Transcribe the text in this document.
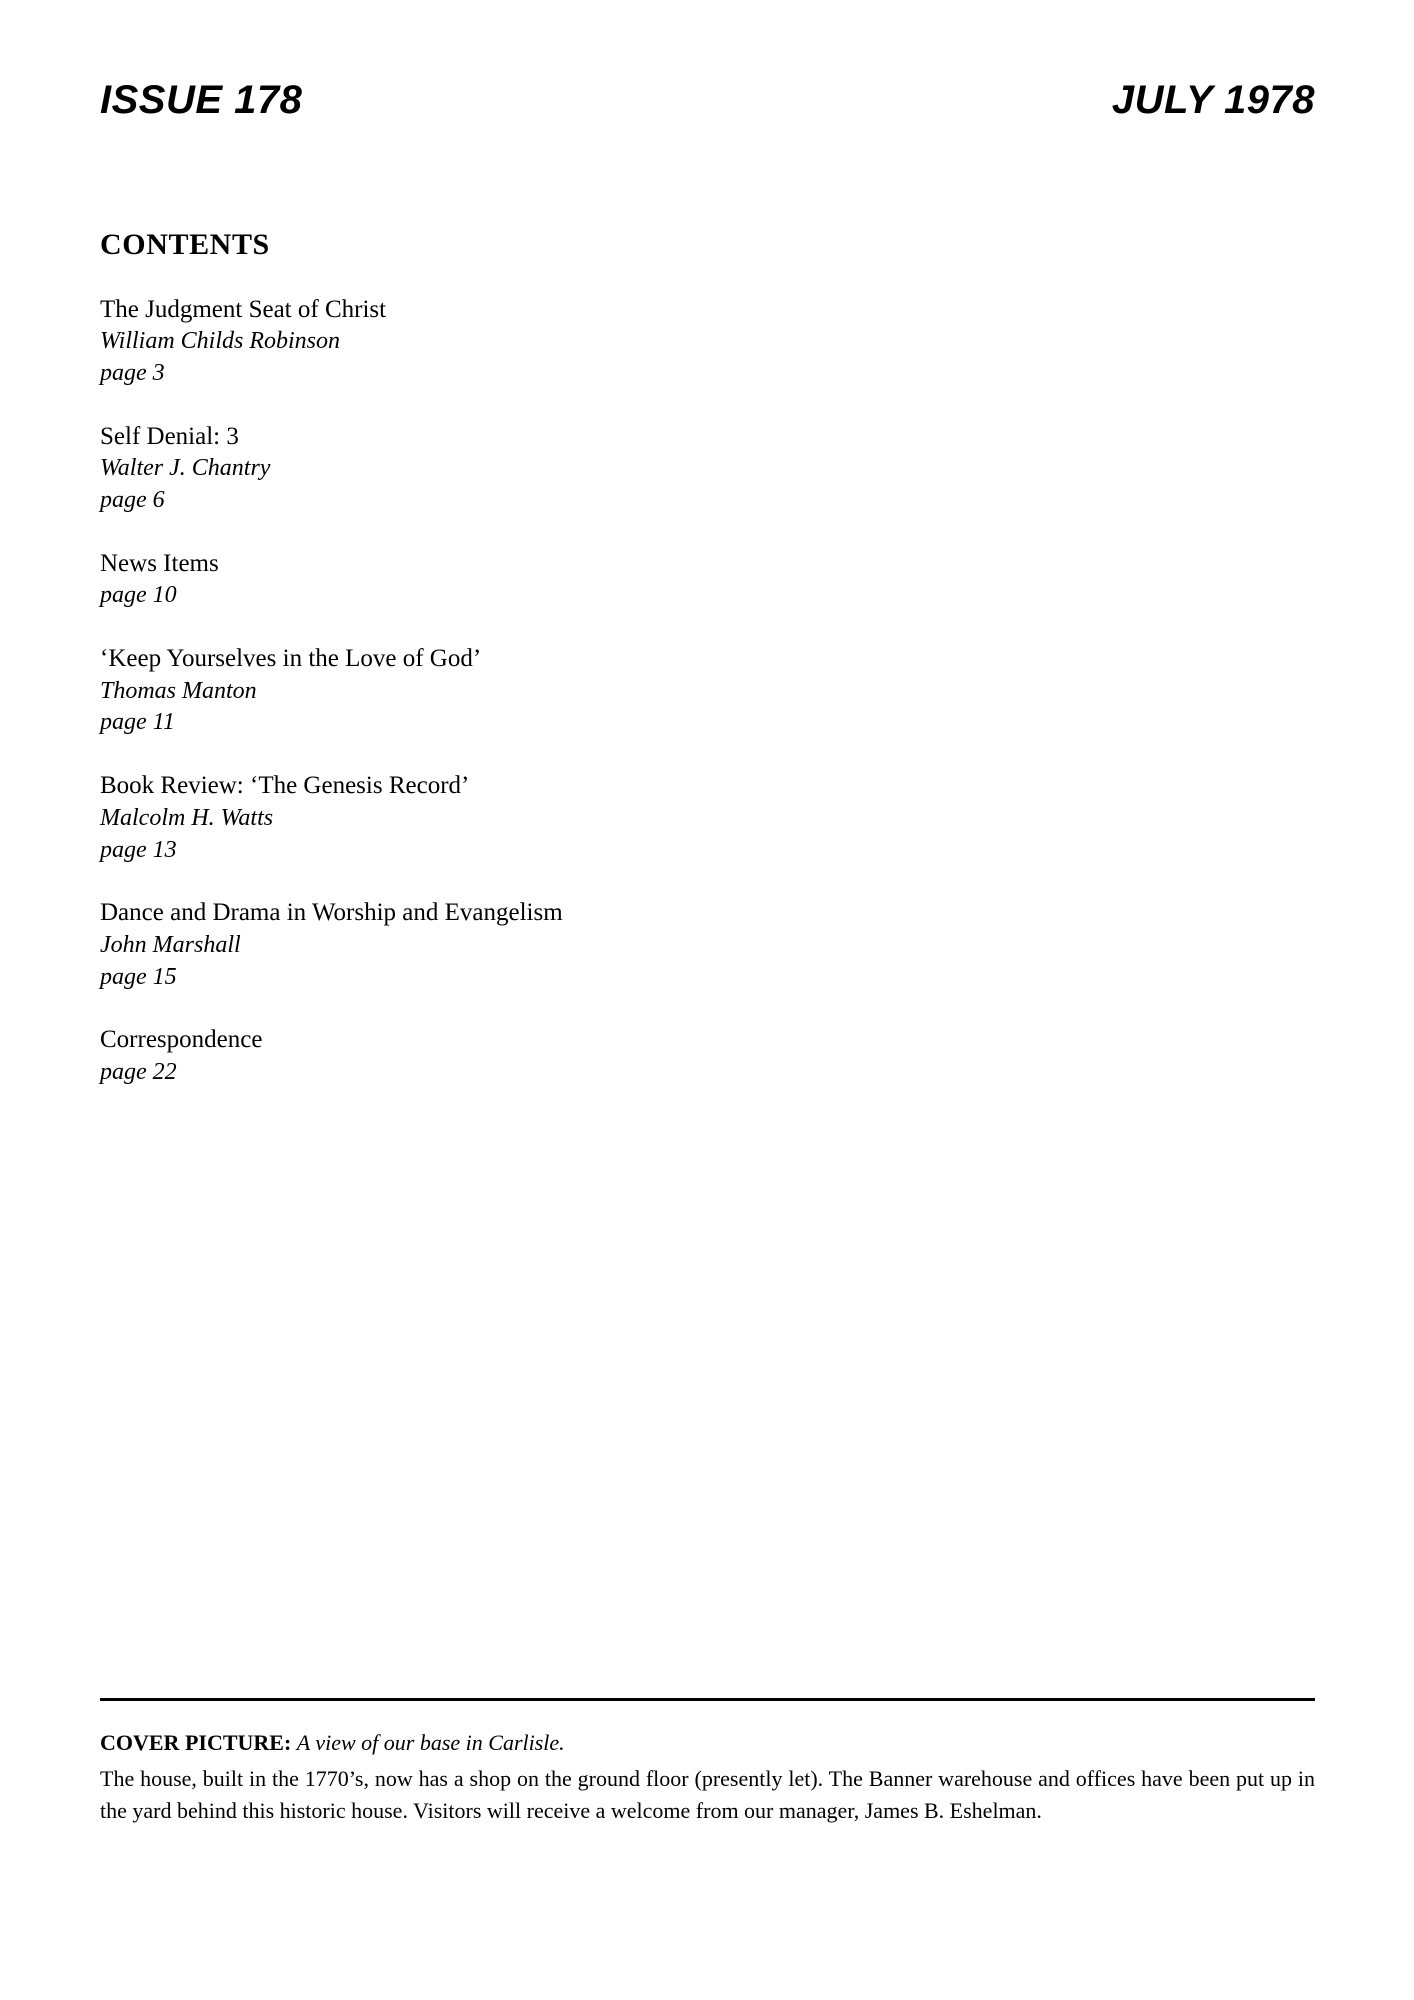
ISSUE 178	JULY 1978
CONTENTS
The Judgment Seat of Christ
William Childs Robinson
page 3
Self Denial: 3
Walter J. Chantry
page 6
News Items
page 10
‘Keep Yourselves in the Love of God’
Thomas Manton
page 11
Book Review: ‘The Genesis Record’
Malcolm H. Watts
page 13
Dance and Drama in Worship and Evangelism
John Marshall
page 15
Correspondence
page 22
COVER PICTURE: A view of our base in Carlisle.
The house, built in the 1770’s, now has a shop on the ground floor (presently let). The Banner warehouse and offices have been put up in the yard behind this historic house. Visitors will receive a welcome from our manager, James B. Eshelman.
